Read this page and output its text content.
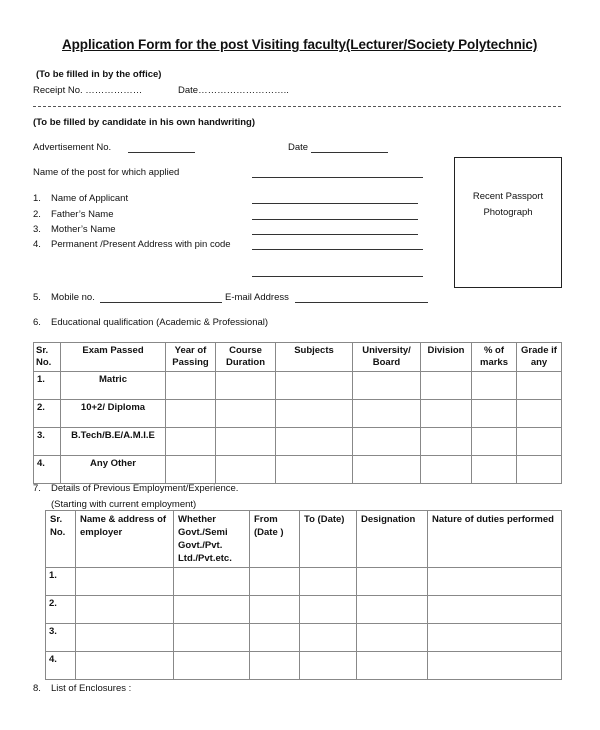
Application Form for the post Visiting faculty(Lecturer/Society Polytechnic)
(To be filled in by the office)
Receipt No. ………………	Date………………………..
(To be filled by candidate in his own handwriting)
Advertisement No.	Date
Name of the post for which applied
Recent Passport
Photograph
1. Name of Applicant
2. Father’s Name
3. Mother’s Name
4. Permanent /Present Address with pin code
5. Mobile no.	E-mail Address
6. Educational qualification (Academic & Professional)
Sr. No.	Exam Passed	Year of Passing	Course Duration	Subjects	University/ Board	Division	% of marks	Grade if any
1.	Matric							
2.	10+2/ Diploma							
3.	B.Tech/B.E/A.M.I.E							
4.	Any Other							
7. Details of Previous Employment/Experience.
(Starting with current employment)
Sr. No.	Name & address of employer	Whether Govt./Semi Govt./Pvt. Ltd./Pvt.etc.	From (Date )	To (Date)	Designation	Nature of duties performed
1.						
2.						
3.						
4.						
8. List of Enclosures :
